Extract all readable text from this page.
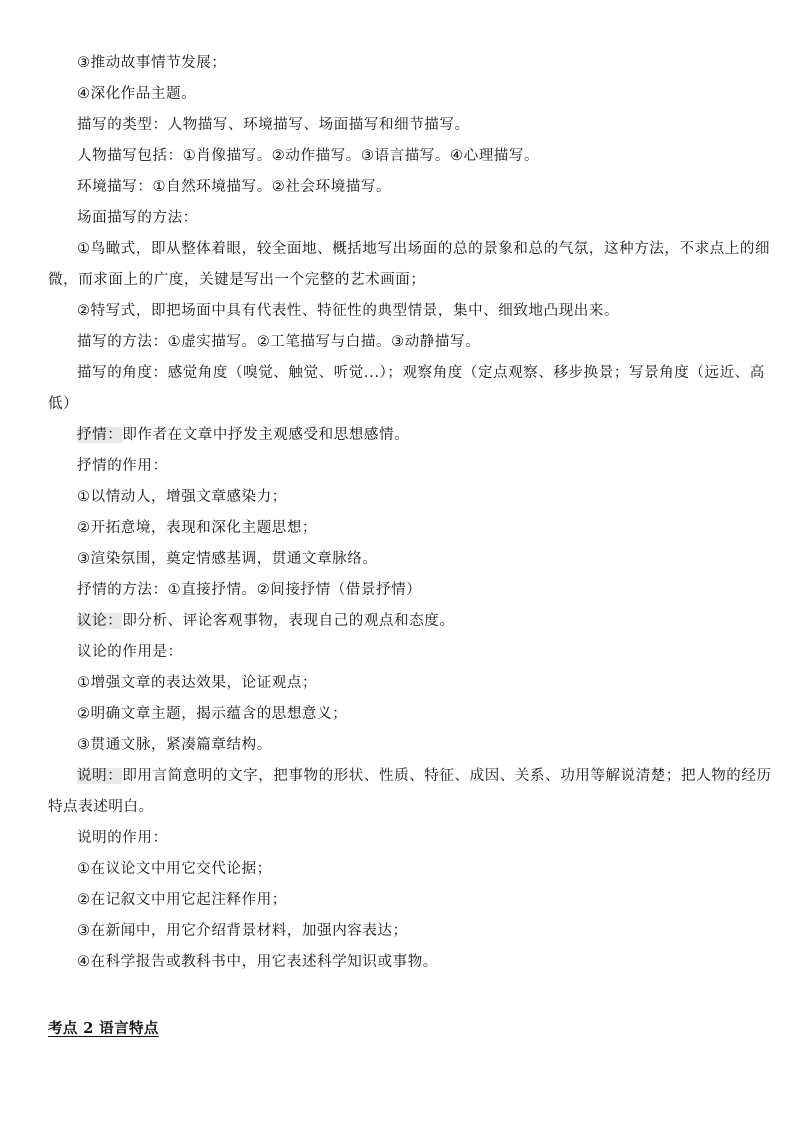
③推动故事情节发展；

④深化作品主题。

描写的类型：人物描写、环境描写、场面描写和细节描写。

人物描写包括：①肖像描写。②动作描写。③语言描写。④心理描写。

环境描写：①自然环境描写。②社会环境描写。

场面描写的方法：

①鸟瞰式，即从整体着眼，较全面地、概括地写出场面的总的景象和总的气氛，这种方法，不求点上的细微，而求面上的广度，关键是写出一个完整的艺术画面；

②特写式，即把场面中具有代表性、特征性的典型情景，集中、细致地凸现出来。

描写的方法：①虚实描写。②工笔描写与白描。③动静描写。

描写的角度：感觉角度（嗅觉、触觉、听觉...）；观察角度（定点观察、移步换景；写景角度（远近、高低）

抒情：即作者在文章中抒发主观感受和思想感情。

抒情的作用：

①以情动人，增强文章感染力；

②开拓意境，表现和深化主题思想；

③渲染氛围，奠定情感基调，贯通文章脉络。

抒情的方法：①直接抒情。②间接抒情（借景抒情）

议论：即分析、评论客观事物，表现自己的观点和态度。

议论的作用是：

①增强文章的表达效果，论证观点；

②明确文章主题，揭示蕴含的思想意义；

③贯通文脉，紧凑篇章结构。

说明：即用言简意明的文字，把事物的形状、性质、特征、成因、关系、功用等解说清楚；把人物的经历特点表述明白。

说明的作用：

①在议论文中用它交代论据；

②在记叙文中用它起注释作用；

③在新闻中，用它介绍背景材料，加强内容表达；

④在科学报告或教科书中，用它表述科学知识或事物。

考点 2 语言特点
